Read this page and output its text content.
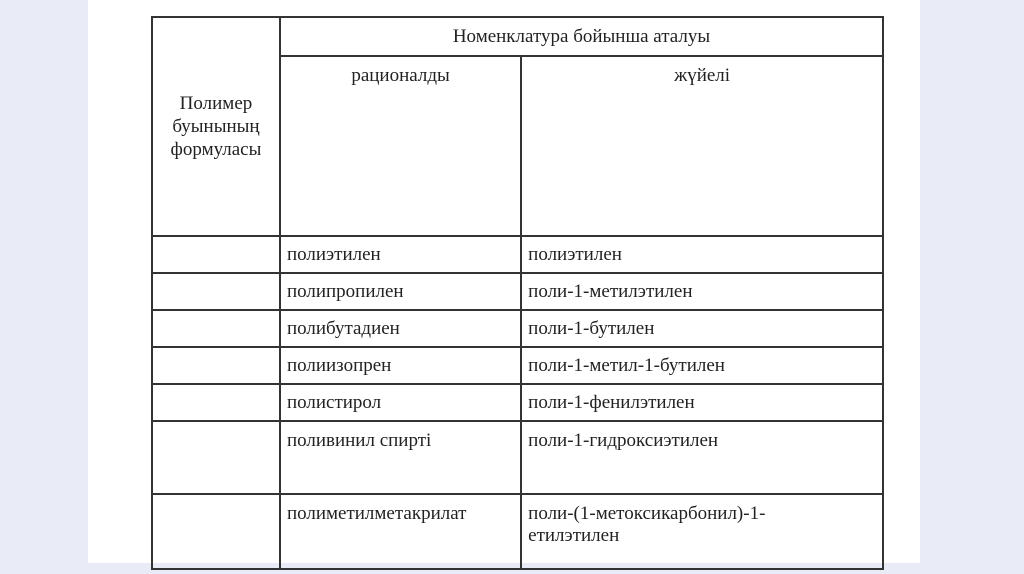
Полимер
буынының
формуласы	Номенклатура бойынша аталуы	
	рационалды	жүйелі
	полиэтилен	полиэтилен
	полипропилен	поли-1-метилэтилен
	полибутадиен	поли-1-бутилен
	полиизопрен	поли-1-метил-1-бутилен
	полистирол	поли-1-фенилэтилен
	поливинил спирті	поли-1-гидроксиэтилен
	полиметилметакрилат	поли-(1-метоксикарбонил)-1-
етилэтилен
